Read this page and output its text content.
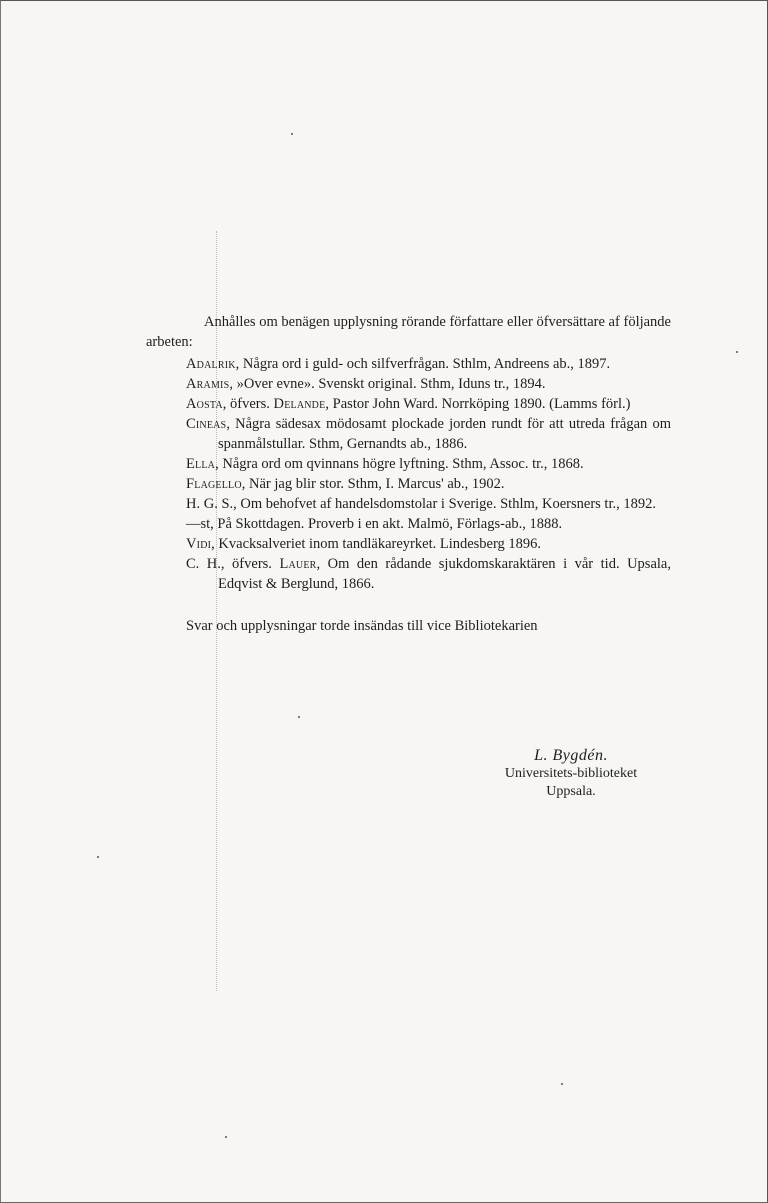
Anhålles om benägen upplysning rörande författare eller öfversättare af följande arbeten:

Adalrik, Några ord i guld- och silfverfrågan. Sthlm, Andreens ab., 1897.

Aramis, »Over evne». Svenskt original. Sthm, Iduns tr., 1894.

Aosta, öfvers. Delande, Pastor John Ward. Norrköping 1890. (Lamms förl.)

Cineas, Några sädesax mödosamt plockade jorden rundt för att utreda frågan om spanmålstullar. Sthm, Gernandts ab., 1886.

Ella, Några ord om qvinnans högre lyftning. Sthm, Assoc. tr., 1868.

Flagello, När jag blir stor. Sthm, I. Marcus' ab., 1902.

H. G. S., Om behofvet af handelsdomstolar i Sverige. Sthlm, Koersners tr., 1892.

—st, På Skottdagen. Proverb i en akt. Malmö, Förlags-ab., 1888.

Vidi, Kvacksalveriet inom tandläkareyrket. Lindesberg 1896.

C. H., öfvers. Lauer, Om den rådande sjukdomskaraktären i vår tid. Upsala, Edqvist & Berglund, 1866.

Svar och upplysningar torde insändas till vice Bibliotekarien

L. Bygdén.
Universitets-biblioteket
Uppsala.
